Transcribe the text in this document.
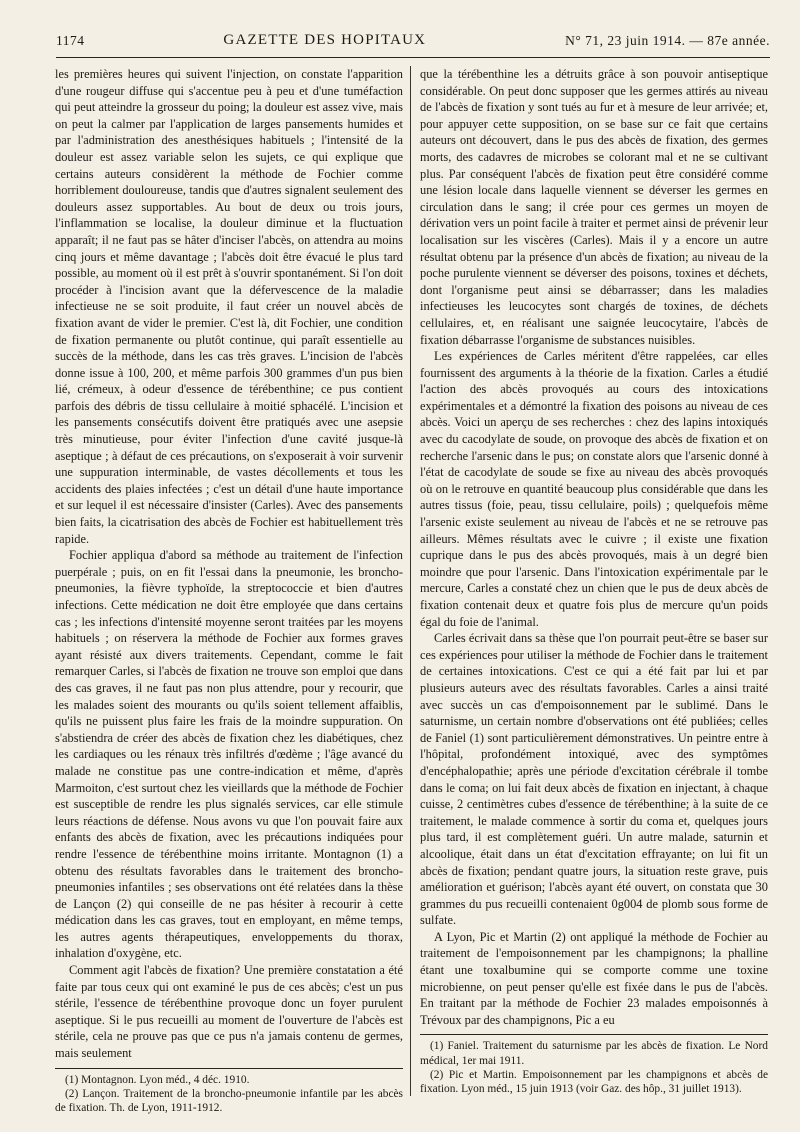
1174	GAZETTE DES HOPITAUX	N° 71, 23 juin 1914. — 87e année.

les premières heures qui suivent l'injection, on constate l'apparition d'une rougeur diffuse qui s'accentue peu à peu et d'une tuméfaction qui peut atteindre la grosseur du poing; la douleur est assez vive, mais on peut la calmer par l'application de larges pansements humides et par l'administration des anesthésiques habituels ; l'intensité de la douleur est assez variable selon les sujets, ce qui explique que certains auteurs considèrent la méthode de Fochier comme horriblement douloureuse, tandis que d'autres signalent seulement des douleurs assez supportables. Au bout de deux ou trois jours, l'inflammation se localise, la douleur diminue et la fluctuation apparaît; il ne faut pas se hâter d'inciser l'abcès, on attendra au moins cinq jours et même davantage ; l'abcès doit être évacué le plus tard possible, au moment où il est prêt à s'ouvrir spontanément. Si l'on doit procéder à l'incision avant que la défervescence de la maladie infectieuse ne se soit produite, il faut créer un nouvel abcès de fixation avant de vider le premier. C'est là, dit Fochier, une condition de fixation permanente ou plutôt continue, qui paraît essentielle au succès de la méthode, dans les cas très graves. L'incision de l'abcès donne issue à 100, 200, et même parfois 300 grammes d'un pus bien lié, crémeux, à odeur d'essence de térébenthine; ce pus contient parfois des débris de tissu cellulaire à moitié sphacélé. L'incision et les pansements consécutifs doivent être pratiqués avec une asepsie très minutieuse, pour éviter l'infection d'une cavité jusque-là aseptique ; à défaut de ces précautions, on s'exposerait à voir survenir une suppuration interminable, de vastes décollements et tous les accidents des plaies infectées ; c'est un détail d'une haute importance et sur lequel il est nécessaire d'insister (Carles). Avec des pansements bien faits, la cicatrisation des abcès de Fochier est habituellement très rapide.

Fochier appliqua d'abord sa méthode au traitement de l'infection puerpérale ; puis, on en fit l'essai dans la pneumonie, les broncho-pneumonies, la fièvre typhoïde, la streptococcie et bien d'autres infections. Cette médication ne doit être employée que dans certains cas ; les infections d'intensité moyenne seront traitées par les moyens habituels ; on réservera la méthode de Fochier aux formes graves ayant résisté aux divers traitements. Cependant, comme le fait remarquer Carles, si l'abcès de fixation ne trouve son emploi que dans des cas graves, il ne faut pas non plus attendre, pour y recourir, que les malades soient des mourants ou qu'ils soient tellement affaiblis, qu'ils ne puissent plus faire les frais de la moindre suppuration. On s'abstiendra de créer des abcès de fixation chez les diabétiques, chez les cardiaques ou les rénaux très infiltrés d'œdème ; l'âge avancé du malade ne constitue pas une contre-indication et même, d'après Marmoiton, c'est surtout chez les vieillards que la méthode de Fochier est susceptible de rendre les plus signalés services, car elle stimule leurs réactions de défense. Nous avons vu que l'on pouvait faire aux enfants des abcès de fixation, avec les précautions indiquées pour rendre l'essence de térébenthine moins irritante. Montagnon (1) a obtenu des résultats favorables dans le traitement des broncho-pneumonies infantiles ; ses observations ont été relatées dans la thèse de Lançon (2) qui conseille de ne pas hésiter à recourir à cette médication dans les cas graves, tout en employant, en même temps, les autres agents thérapeutiques, enveloppements du thorax, inhalation d'oxygène, etc.

Comment agit l'abcès de fixation? Une première constatation a été faite par tous ceux qui ont examiné le pus de ces abcès; c'est un pus stérile, l'essence de térébenthine provoque donc un foyer purulent aseptique. Si le pus recueilli au moment de l'ouverture de l'abcès est stérile, cela ne prouve pas que ce pus n'a jamais contenu de germes, mais seulement

(1) Montagnon. Lyon méd., 4 déc. 1910.

(2) Lançon. Traitement de la broncho-pneumonie infantile par les abcès de fixation. Th. de Lyon, 1911-1912.

que la térébenthine les a détruits grâce à son pouvoir antiseptique considérable. On peut donc supposer que les germes attirés au niveau de l'abcès de fixation y sont tués au fur et à mesure de leur arrivée; et, pour appuyer cette supposition, on se base sur ce fait que certains auteurs ont découvert, dans le pus des abcès de fixation, des germes morts, des cadavres de microbes se colorant mal et ne se cultivant plus. Par conséquent l'abcès de fixation peut être considéré comme une lésion locale dans laquelle viennent se déverser les germes en circulation dans le sang; il crée pour ces germes un moyen de dérivation vers un point facile à traiter et permet ainsi de prévenir leur localisation sur les viscères (Carles). Mais il y a encore un autre résultat obtenu par la présence d'un abcès de fixation; au niveau de la poche purulente viennent se déverser des poisons, toxines et déchets, dont l'organisme peut ainsi se débarrasser; dans les maladies infectieuses les leucocytes sont chargés de toxines, de déchets cellulaires, et, en réalisant une saignée leucocytaire, l'abcès de fixation débarrasse l'organisme de substances nuisibles.

Les expériences de Carles méritent d'être rappelées, car elles fournissent des arguments à la théorie de la fixation. Carles a étudié l'action des abcès provoqués au cours des intoxications expérimentales et a démontré la fixation des poisons au niveau de ces abcès. Voici un aperçu de ses recherches : chez des lapins intoxiqués avec du cacodylate de soude, on provoque des abcès de fixation et on recherche l'arsenic dans le pus; on constate alors que l'arsenic donné à l'état de cacodylate de soude se fixe au niveau des abcès provoqués où on le retrouve en quantité beaucoup plus considérable que dans les autres tissus (foie, peau, tissu cellulaire, poils) ; quelquefois même l'arsenic existe seulement au niveau de l'abcès et ne se retrouve pas ailleurs. Mêmes résultats avec le cuivre ; il existe une fixation cuprique dans le pus des abcès provoqués, mais à un degré bien moindre que pour l'arsenic. Dans l'intoxication expérimentale par le mercure, Carles a constaté chez un chien que le pus de deux abcès de fixation contenait deux et quatre fois plus de mercure qu'un poids égal du foie de l'animal.

Carles écrivait dans sa thèse que l'on pourrait peut-être se baser sur ces expériences pour utiliser la méthode de Fochier dans le traitement de certaines intoxications. C'est ce qui a été fait par lui et par plusieurs auteurs avec des résultats favorables. Carles a ainsi traité avec succès un cas d'empoisonnement par le sublimé. Dans le saturnisme, un certain nombre d'observations ont été publiées; celles de Faniel (1) sont particulièrement démonstratives. Un peintre entre à l'hôpital, profondément intoxiqué, avec des symptômes d'encéphalopathie; après une période d'excitation cérébrale il tombe dans le coma; on lui fait deux abcès de fixation en injectant, à chaque cuisse, 2 centimètres cubes d'essence de térébenthine; à la suite de ce traitement, le malade commence à sortir du coma et, quelques jours plus tard, il est complètement guéri. Un autre malade, saturnin et alcoolique, était dans un état d'excitation effrayante; on lui fit un abcès de fixation; pendant quatre jours, la situation reste grave, puis amélioration et guérison; l'abcès ayant été ouvert, on constata que 30 grammes du pus recueilli contenaient 0g004 de plomb sous forme de sulfate.

A Lyon, Pic et Martin (2) ont appliqué la méthode de Fochier au traitement de l'empoisonnement par les champignons; la phalline étant une toxalbumine qui se comporte comme une toxine microbienne, on peut penser qu'elle est fixée dans le pus de l'abcès. En traitant par la méthode de Fochier 23 malades empoisonnés à Trévoux par des champignons, Pic a eu

(1) Faniel. Traitement du saturnisme par les abcès de fixation. Le Nord médical, 1er mai 1911.

(2) Pic et Martin. Empoisonnement par les champignons et abcès de fixation. Lyon méd., 15 juin 1913 (voir Gaz. des hôp., 31 juillet 1913).
